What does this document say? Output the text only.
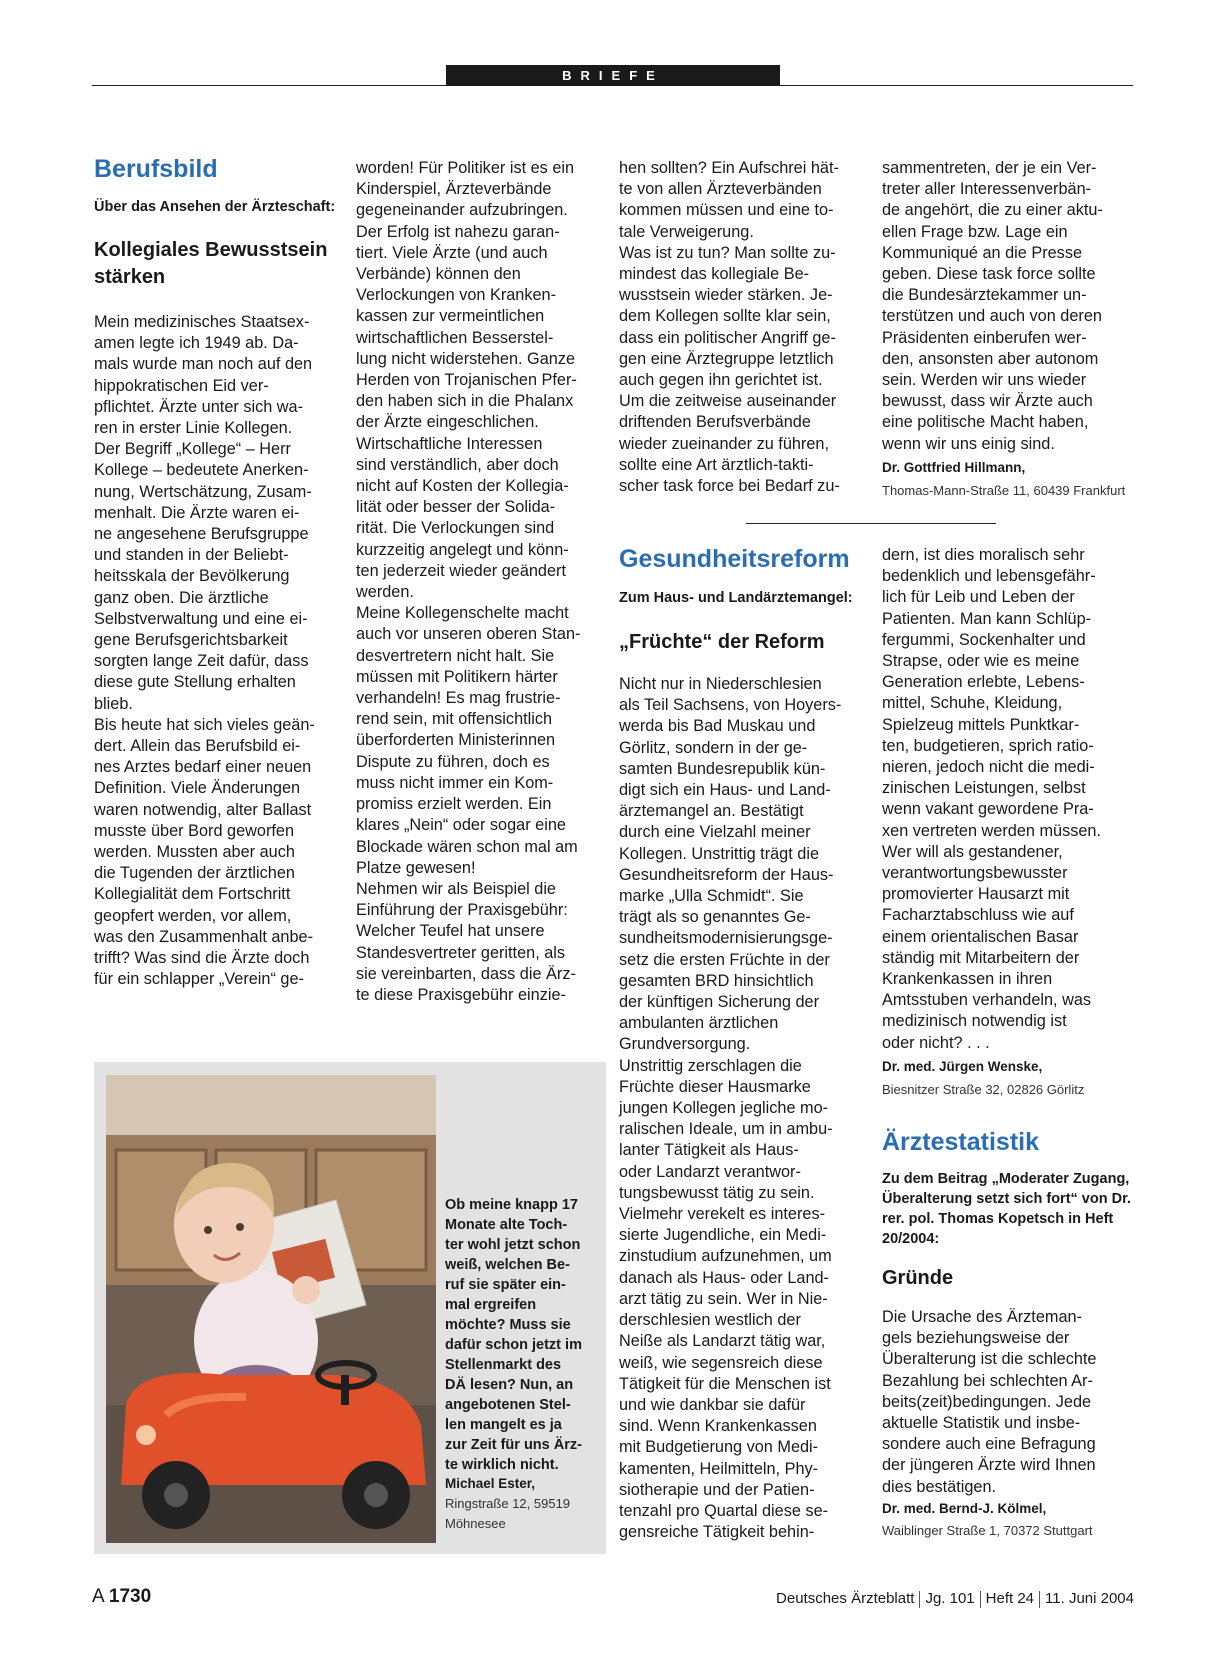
BRIEFE
Berufsbild

Über das Ansehen der Ärzteschaft:

Kollegiales Bewusstsein stärken

Mein medizinisches Staatsex-
amen legte ich 1949 ab. Da-
mals wurde man noch auf den
hippokratischen Eid ver-
pflichtet. Ärzte unter sich wa-
ren in erster Linie Kollegen.
Der Begriff „Kollege“ – Herr
Kollege – bedeutete Anerken-
nung, Wertschätzung, Zusam-
menhalt. Die Ärzte waren ei-
ne angesehene Berufsgruppe
und standen in der Beliebt-
heitsskala der Bevölkerung
ganz oben. Die ärztliche
Selbstverwaltung und eine ei-
gene Berufsgerichtsbarkeit
sorgten lange Zeit dafür, dass
diese gute Stellung erhalten
blieb.
Bis heute hat sich vieles geän-
dert. Allein das Berufsbild ei-
nes Arztes bedarf einer neuen
Definition. Viele Änderungen
waren notwendig, alter Ballast
musste über Bord geworfen
werden. Mussten aber auch
die Tugenden der ärztlichen
Kollegialität dem Fortschritt
geopfert werden, vor allem,
was den Zusammenhalt anbe-
trifft? Was sind die Ärzte doch
für ein schlapper „Verein“ ge-

worden! Für Politiker ist es ein
Kinderspiel, Ärzteverbände
gegeneinander aufzubringen.
Der Erfolg ist nahezu garan-
tiert. Viele Ärzte (und auch
Verbände) können den
Verlockungen von Kranken-
kassen zur vermeintlichen
wirtschaftlichen Besserstel-
lung nicht widerstehen. Ganze
Herden von Trojanischen Pfer-
den haben sich in die Phalanx
der Ärzte eingeschlichen.
Wirtschaftliche Interessen
sind verständlich, aber doch
nicht auf Kosten der Kollegia-
lität oder besser der Solida-
rität. Die Verlockungen sind
kurzzeitig angelegt und könn-
ten jederzeit wieder geändert
werden.
Meine Kollegenschelte macht
auch vor unseren oberen Stan-
desvertretern nicht halt. Sie
müssen mit Politikern härter
verhandeln! Es mag frustrie-
rend sein, mit offensichtlich
überforderten Ministerinnen
Dispute zu führen, doch es
muss nicht immer ein Kom-
promiss erzielt werden. Ein
klares „Nein“ oder sogar eine
Blockade wären schon mal am
Platze gewesen!
Nehmen wir als Beispiel die
Einführung der Praxisgebühr:
Welcher Teufel hat unsere
Standesvertreter geritten, als
sie vereinbarten, dass die Ärz-
te diese Praxisgebühr einzie-

hen sollten? Ein Aufschrei hät-
te von allen Ärzteverbänden
kommen müssen und eine to-
tale Verweigerung.
Was ist zu tun? Man sollte zu-
mindest das kollegiale Be-
wusstsein wieder stärken. Je-
dem Kollegen sollte klar sein,
dass ein politischer Angriff ge-
gen eine Ärztegruppe letztlich
auch gegen ihn gerichtet ist.
Um die zeitweise auseinander
driftenden Berufsverbände
wieder zueinander zu führen,
sollte eine Art ärztlich-takti-
scher task force bei Bedarf zu-

sammentreten, der je ein Ver-
treter aller Interessenverbän-
de angehört, die zu einer aktu-
ellen Frage bzw. Lage ein
Kommuniqué an die Presse
geben. Diese task force sollte
die Bundesärztekammer un-
terstützen und auch von deren
Präsidenten einberufen wer-
den, ansonsten aber autonom
sein. Werden wir uns wieder
bewusst, dass wir Ärzte auch
eine politische Macht haben,
wenn wir uns einig sind.

Dr. Gottfried Hillmann,

Thomas-Mann-Straße 11, 60439 Frankfurt

Gesundheitsreform

Zum Haus- und Landärztemangel:

„Früchte“ der Reform

Nicht nur in Niederschlesien
als Teil Sachsens, von Hoyers-
werda bis Bad Muskau und
Görlitz, sondern in der ge-
samten Bundesrepublik kün-
digt sich ein Haus- und Land-
ärztemangel an. Bestätigt
durch eine Vielzahl meiner
Kollegen. Unstrittig trägt die
Gesundheitsreform der Haus-
marke „Ulla Schmidt“. Sie
trägt als so genanntes Ge-
sundheitsmodernisierungsge-
setz die ersten Früchte in der
gesamten BRD hinsichtlich
der künftigen Sicherung der
ambulanten ärztlichen
Grundversorgung.
Unstrittig zerschlagen die
Früchte dieser Hausmarke
jungen Kollegen jegliche mo-
ralischen Ideale, um in ambu-
lanter Tätigkeit als Haus-
oder Landarzt verantwor-
tungsbewusst tätig zu sein.
Vielmehr verekelt es interes-
sierte Jugendliche, ein Medi-
zinstudium aufzunehmen, um
danach als Haus- oder Land-
arzt tätig zu sein. Wer in Nie-
derschlesien westlich der
Neiße als Landarzt tätig war,
weiß, wie segensreich diese
Tätigkeit für die Menschen ist
und wie dankbar sie dafür
sind. Wenn Krankenkassen
mit Budgetierung von Medi-
kamenten, Heilmitteln, Phy-
siotherapie und der Patien-
tenzahl pro Quartal diese se-
gensreiche Tätigkeit behin-

dern, ist dies moralisch sehr
bedenklich und lebensgefähr-
lich für Leib und Leben der
Patienten. Man kann Schlüp-
fergummi, Sockenhalter und
Strapse, oder wie es meine
Generation erlebte, Lebens-
mittel, Schuhe, Kleidung,
Spielzeug mittels Punktkar-
ten, budgetieren, sprich ratio-
nieren, jedoch nicht die medi-
zinischen Leistungen, selbst
wenn vakant gewordene Pra-
xen vertreten werden müssen.
Wer will als gestandener,
verantwortungsbewusster
promovierter Hausarzt mit
Facharztabschluss wie auf
einem orientalischen Basar
ständig mit Mitarbeitern der
Krankenkassen in ihren
Amtsstuben verhandeln, was
medizinisch notwendig ist
oder nicht? . . .

Dr. med. Jürgen Wenske,

Biesnitzer Straße 32, 02826 Görlitz

Ärztestatistik

Zu dem Beitrag „Moderater Zugang, Überalterung setzt sich fort“ von Dr. rer. pol. Thomas Kopetsch in Heft 20/2004:

Gründe

Die Ursache des Ärzteman-
gels beziehungsweise der
Überalterung ist die schlechte
Bezahlung bei schlechten Ar-
beits(zeit)bedingungen. Jede
aktuelle Statistik und insbe-
sondere auch eine Befragung
der jüngeren Ärzte wird Ihnen
dies bestätigen.

Dr. med. Bernd-J. Kölmel,

Waiblinger Straße 1, 70372 Stuttgart

Ob meine knapp 17
Monate alte Toch-
ter wohl jetzt schon
weiß, welchen Be-
ruf sie später ein-
mal ergreifen
möchte? Muss sie
dafür schon jetzt im
Stellenmarkt des
DÄ lesen? Nun, an
angebotenen Stel-
len mangelt es ja
zur Zeit für uns Ärz-
te wirklich nicht.

Michael Ester,

Ringstraße 12, 59519
Möhnesee

A 1730	Deutsches Ärzteblatt Jg. 101 Heft 24 11. Juni 2004
